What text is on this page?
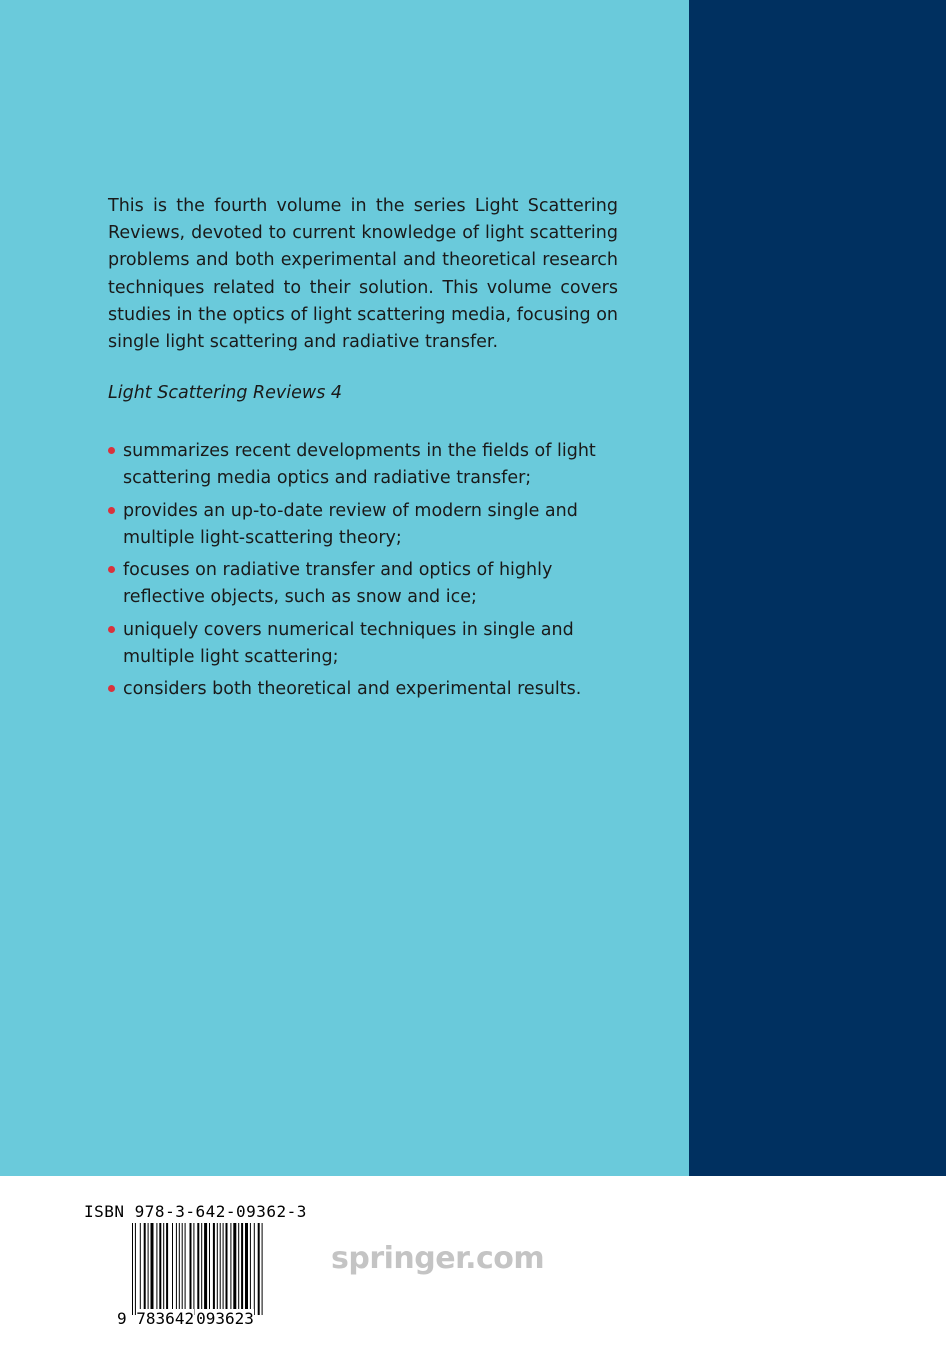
This is the fourth volume in the series Light Scattering Reviews, devoted to current knowledge of light scattering problems and both experimental and theoretical research techniques related to their solution. This volume covers studies in the optics of light scattering media, focusing on single light scattering and radiative transfer.

Light Scattering Reviews 4

summarizes recent developments in the fields of light scattering media optics and radiative transfer;
provides an up-to-date review of modern single and multiple light-scattering theory;
focuses on radiative transfer and optics of highly reflective objects, such as snow and ice;
uniquely covers numerical techniques in single and multiple light scattering;
considers both theoretical and experimental results.
ISBN 978-3-642-09362-3
9 783642 093623
springer.com
